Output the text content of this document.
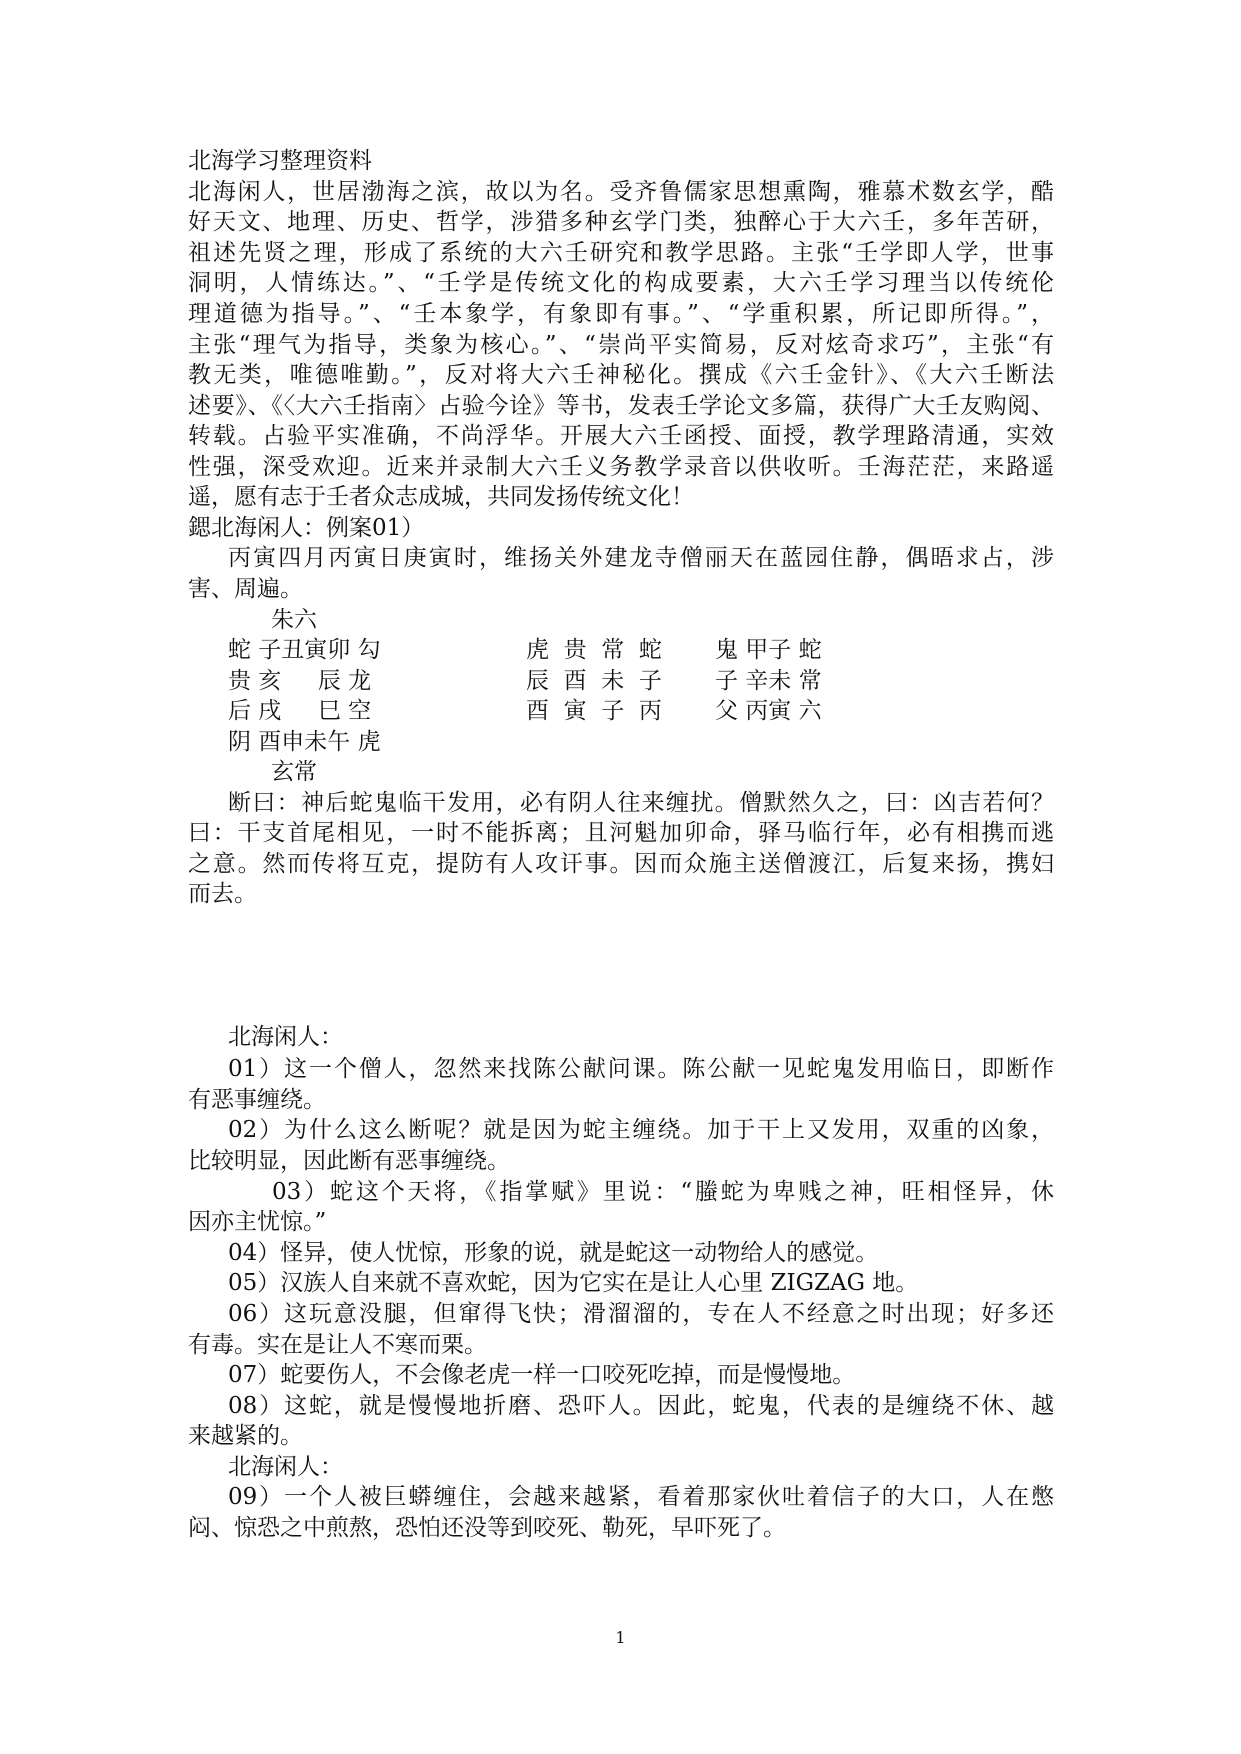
北海学习整理资料
北海闲人，世居渤海之滨，故以为名。受齐鲁儒家思想熏陶，雅慕术数玄学，酷
好天文、地理、历史、哲学，涉猎多种玄学门类，独醉心于大六壬，多年苦研，
祖述先贤之理，形成了系统的大六壬研究和教学思路。主张“壬学即人学，世事
洞明，人情练达。”、“壬学是传统文化的构成要素，大六壬学习理当以传统伦
理道德为指导。”、“壬本象学，有象即有事。”、“学重积累，所记即所得。”，
主张“理气为指导，类象为核心。”、“崇尚平实简易，反对炫奇求巧”，主张“有
教无类，唯德唯勤。”，反对将大六壬神秘化。撰成《六壬金针》、《大六壬断法
述要》、《〈大六壬指南〉占验今诠》等书，发表壬学论文多篇，获得广大壬友购阅、
转载。占验平实准确，不尚浮华。开展大六壬函授、面授，教学理路清通，实效
性强，深受欢迎。近来并录制大六壬义务教学录音以供收听。壬海茫茫，来路遥
遥，愿有志于壬者众志成城，共同发扬传统文化！
鍶北海闲人：例案01）
丙寅四月丙寅日庚寅时，维扬关外建龙寺僧丽天在蓝园住静，偶晤求占，涉
害、周遍。
朱六
蛇 子丑寅卯 勾	虎  贵  常  蛇 鬼 甲子 蛇
贵 亥     辰 龙	辰  酉  未  子 子 辛未 常
后 戌     巳 空	酉  寅  子  丙 父 丙寅 六
阴 酉申未午 虎
玄常
断曰：神后蛇鬼临干发用，必有阴人往来缠扰。僧默然久之，曰：凶吉若何？
曰：干支首尾相见，一时不能拆离；且河魁加卯命，驿马临行年，必有相携而逃
之意。然而传将互克，提防有人攻讦事。因而众施主送僧渡江，后复来扬，携妇
而去。
北海闲人：
01）这一个僧人，忽然来找陈公献问课。陈公献一见蛇鬼发用临日，即断作
有恶事缠绕。
02）为什么这么断呢？就是因为蛇主缠绕。加于干上又发用，双重的凶象，
比较明显，因此断有恶事缠绕。
03）蛇这个天将，《指掌赋》里说：“螣蛇为卑贱之神，旺相怪异，休
因亦主忧惊。”
04）怪异，使人忧惊，形象的说，就是蛇这一动物给人的感觉。
05）汉族人自来就不喜欢蛇，因为它实在是让人心里 ZIGZAG 地。
06）这玩意没腿，但窜得飞快；滑溜溜的，专在人不经意之时出现；好多还
有毒。实在是让人不寒而栗。
07）蛇要伤人，不会像老虎一样一口咬死吃掉，而是慢慢地。
08）这蛇，就是慢慢地折磨、恐吓人。因此，蛇鬼，代表的是缠绕不休、越
来越紧的。
北海闲人：
09）一个人被巨蟒缠住，会越来越紧，看着那家伙吐着信子的大口，人在憋
闷、惊恐之中煎熬，恐怕还没等到咬死、勒死，早吓死了。
1
